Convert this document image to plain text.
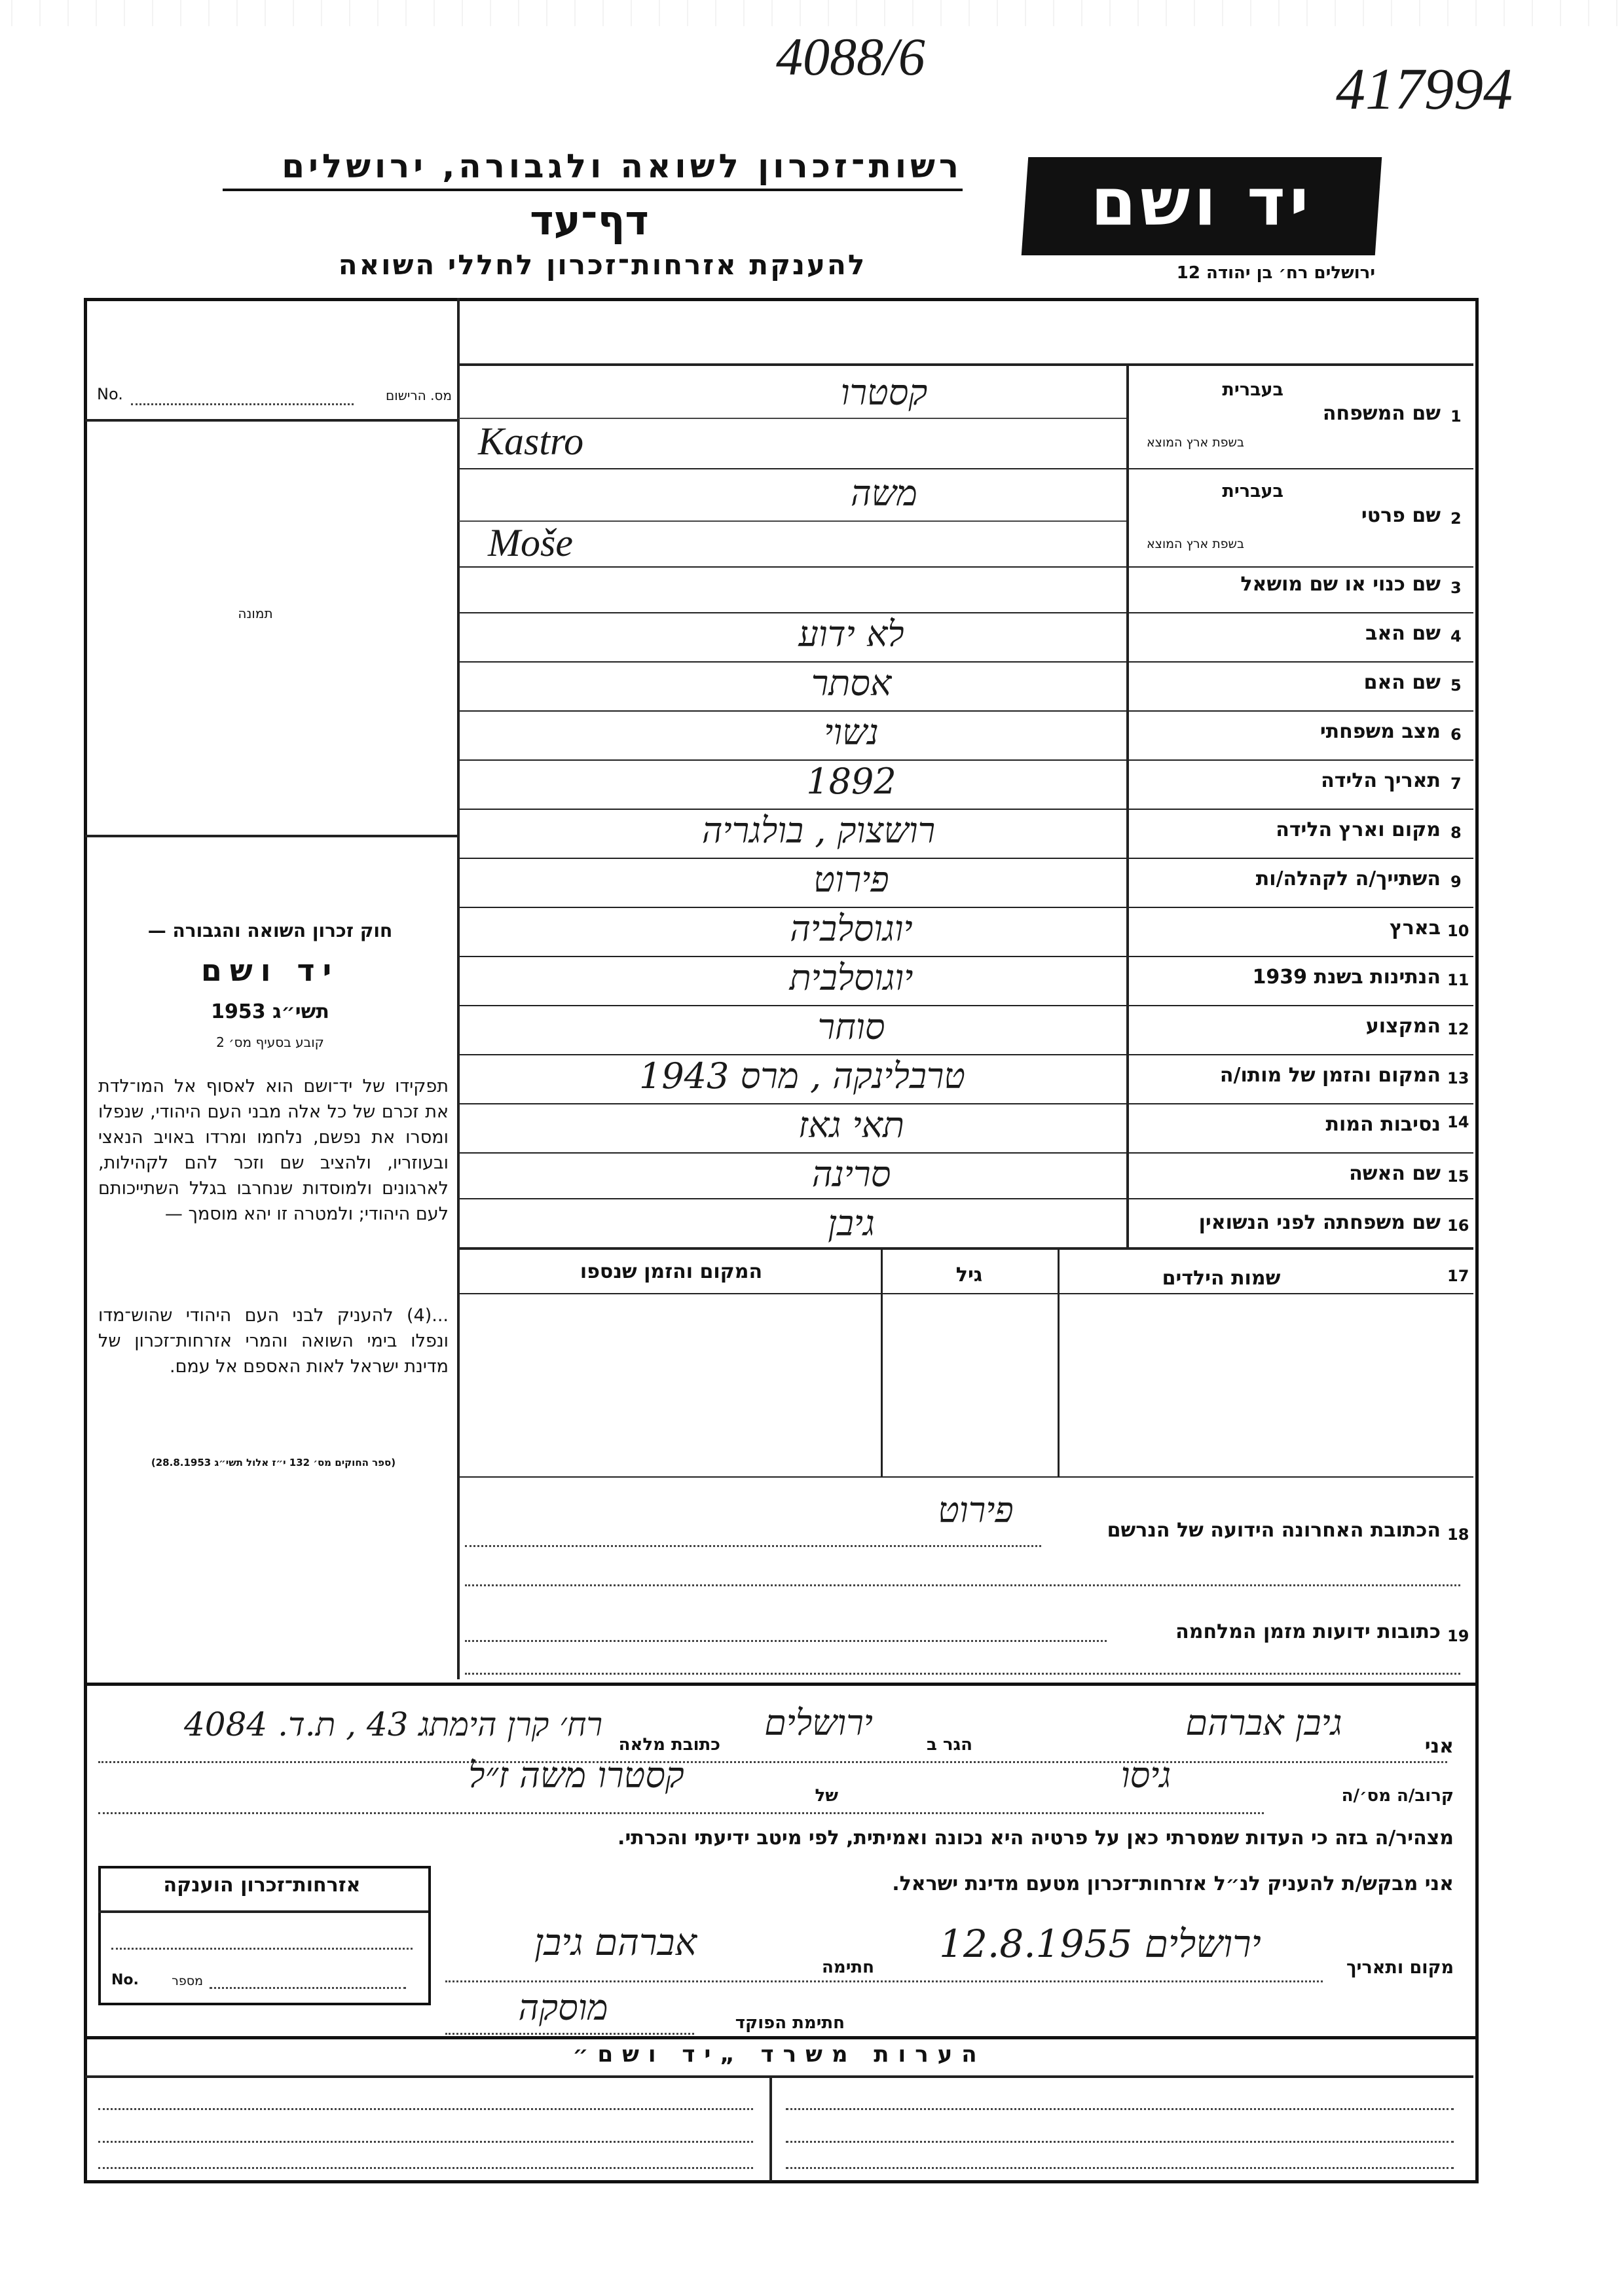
4088/6
417994
רשות־זכרון לשואה ולגבורה, ירושלים
דף־עד
להענקת אזרחות־זכרון לחללי השואה
יד ושם
ירושלים רח׳ בן יהודה 12
מס. הרישום
No.
תמונה
חוק זכרון השואה והגבורה —
יד ושם
תשי״ג 1953
קובע בסעיף מס׳ 2
תפקידו של יד־ושם הוא לאסוף אל המו־לדת את זכרם של כל אלה מבני העם היהודי, שנפלו ומסרו את נפשם, נלחמו ומרדו באויב הנאצי ובעוזריו, ולהציב שם וזכר להם לקהילות, לארגונים ולמוסדות שנחרבו בגלל השתייכותם לעם היהודי; ולמטרה זו יהא מוסמך —
...(4) להעניק לבני העם היהודי שהוש־מדו ונפלו בימי השואה והמרי אזרחות־זכרון של מדינת ישראל לאות האספם אל עמם.
(ספר החוקים מס׳ 132 י״ז אלול תשי״ג 28.8.1953)
1
שם המשפחה
בעברית
בשפת ארץ המוצא
קסטרו
Kastro
2
שם פרטי
בעברית
בשפת ארץ המוצא
משה
Moše
3
שם כנוי או שם מושאל
4
שם האב
לא ידוע
5
שם האם
אסתר
6
מצב משפחתי
נשוי
7
תאריך הלידה
1892
8
מקום וארץ הלידה
רושצוק , בולגריה
9
השתייך/ה לקהלה/ות
פירוט
10
בארץ
יוגוסלביה
11
הנתינות בשנת 1939
יוגוסלבית
12
המקצוע
סוחר
13
המקום והזמן של מותו/ה
טרבלינקה , מרס 1943
14
נסיבות המות
תאי גאז
15
שם האשה
סרינה
16
שם משפחתה לפני הנשואין
גיבן
17
שמות הילדים
גיל
המקום והזמן שנספו
18
הכתובת האחרונה הידועה של הנרשם
פירוט
19
כתובות ידועות מזמן המלחמה
אני
גיבן אברהם
הגר ב
ירושלים
כתובת מלאה
רח׳ קרן הימתג 43 , ת.ד. 4084
קרוב/ה מס׳/ה
גיסו
של
קסטרו משה ז״ל
מצהיר/ה בזה כי העדות שמסרתי כאן על פרטיה היא נכונה ואמיתית, לפי מיטב ידיעתי והכרתי.
אני מבקש/ת להעניק לנ״ל אזרחות־זכרון מטעם מדינת ישראל.
מקום ותאריך
ירושלים 12.8.1955
חתימה
אברהם גיבן
חתימת הפוקד
מוסקה
אזרחות־זכרון הוענקה
No.	מספר
הערות משרד „יד ושם״
